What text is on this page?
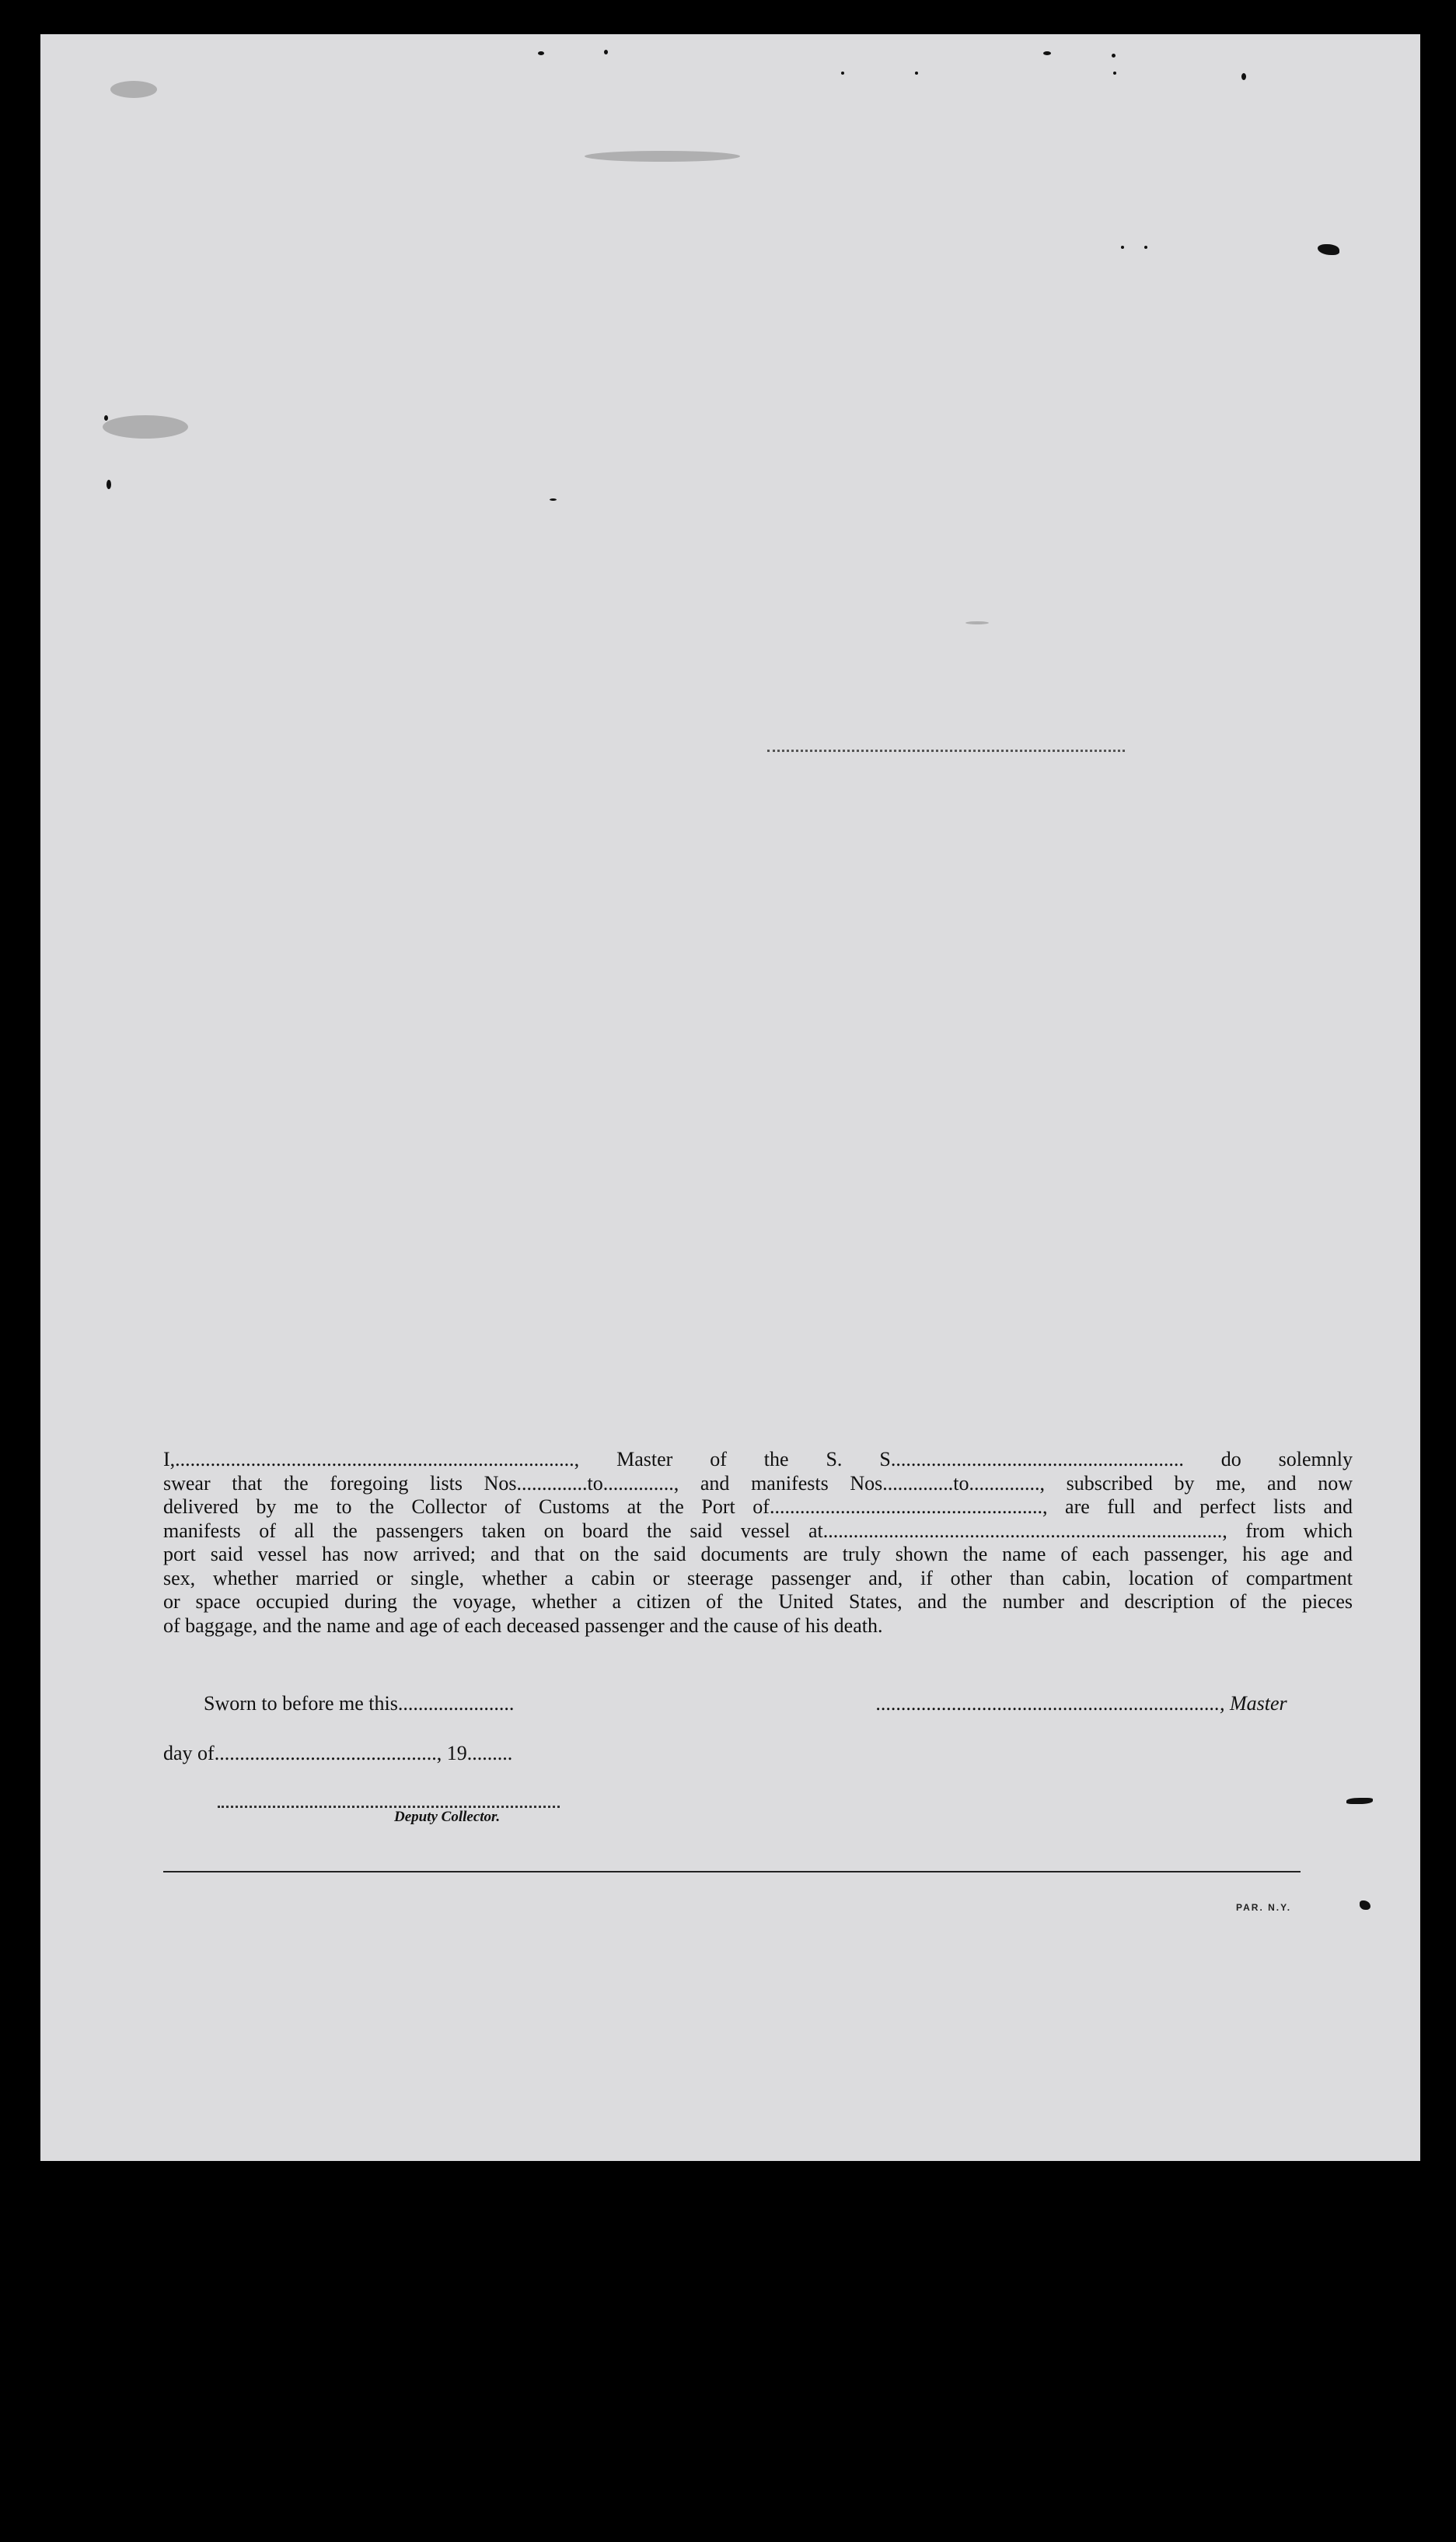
I,..............................................................................., Master of the S. S.......................................................... do solemnly

swear that the foregoing lists Nos..............to.............., and manifests Nos..............to.............., subscribed by me, and now

delivered by me to the Collector of Customs at the Port of......................................................, are full and perfect lists and

manifests of all the passengers taken on board the said vessel at..............................................................................., from which

port said vessel has now arrived; and that on the said documents are truly shown the name of each passenger, his age and

sex, whether married or single, whether a cabin or steerage passenger and, if other than cabin, location of compartment

or space occupied during the voyage, whether a citizen of the United States, and the number and description of the pieces

of baggage, and the name and age of each deceased passenger and the cause of his death.

Sworn to before me this.......................	...................................................................., Master
day of............................................, 19.........
Deputy Collector.
PAR. N.Y.
